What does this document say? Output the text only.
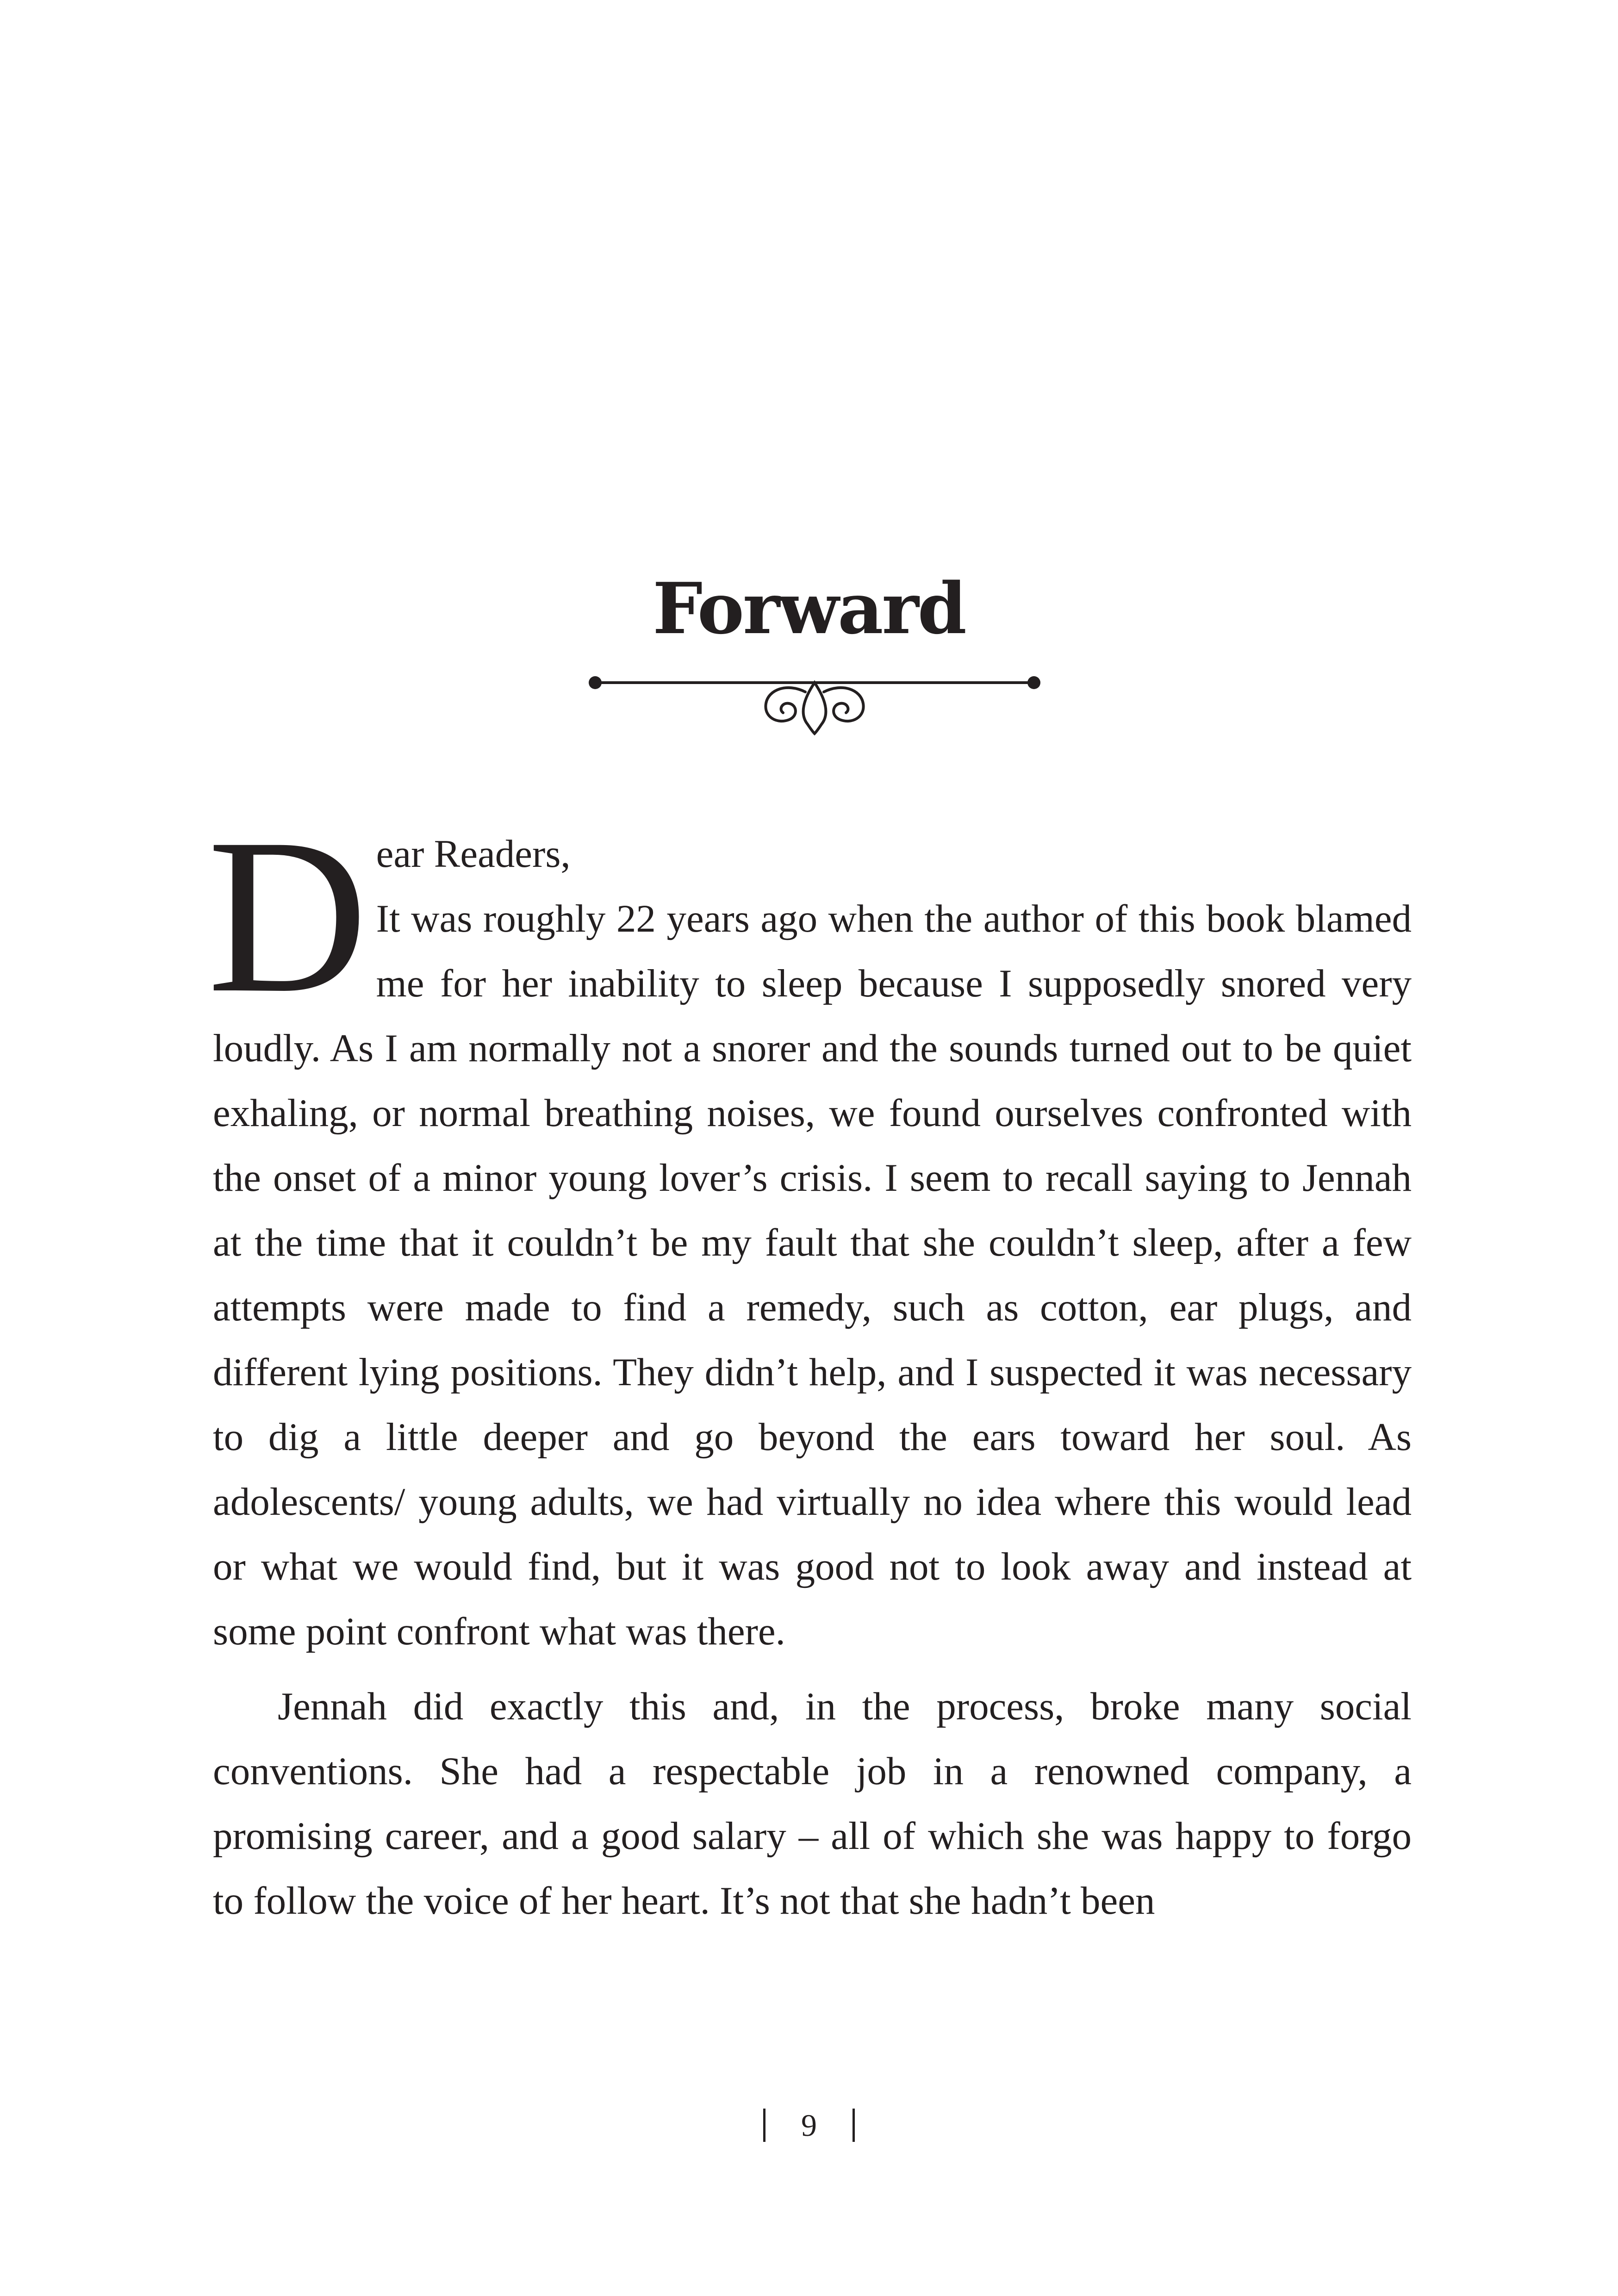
Forward
D ear Readers,

It was roughly 22 years ago when the author of this book blamed me for her inability to sleep because I supposedly snored very loudly. As I am normally not a snorer and the sounds turned out to be quiet exhaling, or normal breathing noises, we found ourselves confronted with the onset of a minor young lover’s crisis. I seem to recall saying to Jennah at the time that it couldn’t be my fault that she couldn’t sleep, after a few attempts were made to find a remedy, such as cotton, ear plugs, and different lying positions. They didn’t help, and I suspected it was necessary to dig a little deeper and go beyond the ears toward her soul. As adolescents/ young adults, we had virtually no idea where this would lead or what we would find, but it was good not to look away and instead at some point confront what was there.

Jennah did exactly this and, in the process, broke many social conventions. She had a respectable job in a renowned company, a promising career, and a good salary – all of which she was happy to forgo to follow the voice of her heart. It’s not that she hadn’t been

9
